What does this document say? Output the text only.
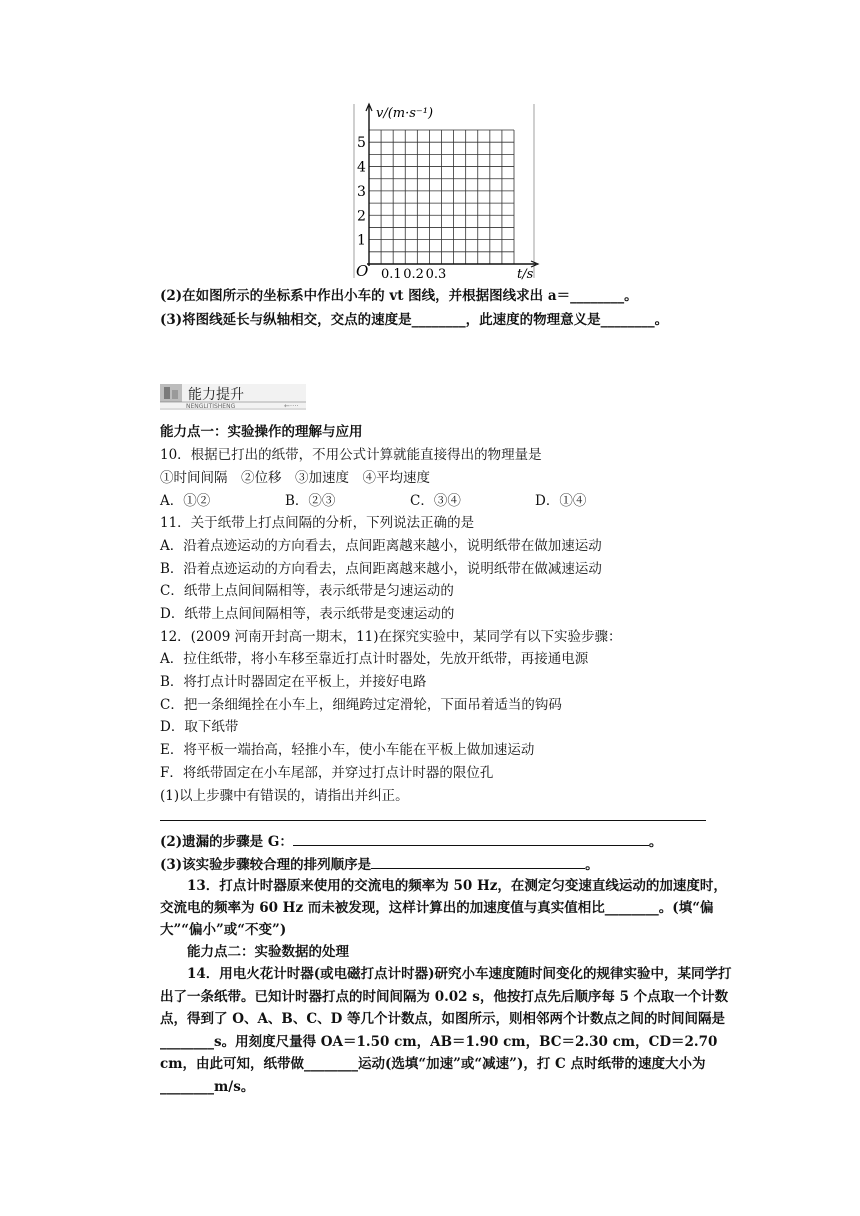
1
2
3
4
5
0.1 0.2 0.3
v/(m·s⁻¹)
t/s
O
(2)在如图所示的坐标系中作出小车的 vt 图线，并根据图线求出 a＝________。
(3)将图线延长与纵轴相交，交点的速度是________，此速度的物理意义是________。
能力提升
NENGLITISHENG	←····
能力点一：实验操作的理解与应用
10．根据已打出的纸带，不用公式计算就能直接得出的物理量是
①时间间隔　②位移　③加速度　④平均速度
A．①②	B．②③	C．③④	D．①④
11．关于纸带上打点间隔的分析，下列说法正确的是
A．沿着点迹运动的方向看去，点间距离越来越小，说明纸带在做加速运动
B．沿着点迹运动的方向看去，点间距离越来越小，说明纸带在做减速运动
C．纸带上点间间隔相等，表示纸带是匀速运动的
D．纸带上点间间隔相等，表示纸带是变速运动的
12．(2009 河南开封高一期末，11)在探究实验中，某同学有以下实验步骤：
A．拉住纸带，将小车移至靠近打点计时器处，先放开纸带，再接通电源
B．将打点计时器固定在平板上，并接好电路
C．把一条细绳拴在小车上，细绳跨过定滑轮，下面吊着适当的钩码
D．取下纸带
E．将平板一端抬高，轻推小车，使小车能在平板上做加速运动
F．将纸带固定在小车尾部，并穿过打点计时器的限位孔
(1)以上步骤中有错误的，请指出并纠正。
(2)遗漏的步骤是 G：	。
(3)该实验步骤较合理的排列顺序是	。
13．打点计时器原来使用的交流电的频率为 50 Hz，在测定匀变速直线运动的加速度时，交流电的频率为 60 Hz 而未被发现，这样计算出的加速度值与真实值相比________。(填“偏大”“偏小”或“不变”)
能力点二：实验数据的处理
14．用电火花计时器(或电磁打点计时器)研究小车速度随时间变化的规律实验中，某同学打出了一条纸带。已知计时器打点的时间间隔为 0.02 s，他按打点先后顺序每 5 个点取一个计数点，得到了 O、A、B、C、D 等几个计数点，如图所示，则相邻两个计数点之间的时间间隔是________s。用刻度尺量得 OA＝1.50 cm，AB＝1.90 cm，BC＝2.30 cm，CD＝2.70 cm，由此可知，纸带做________运动(选填“加速”或“减速”)，打 C 点时纸带的速度大小为________m/s。
